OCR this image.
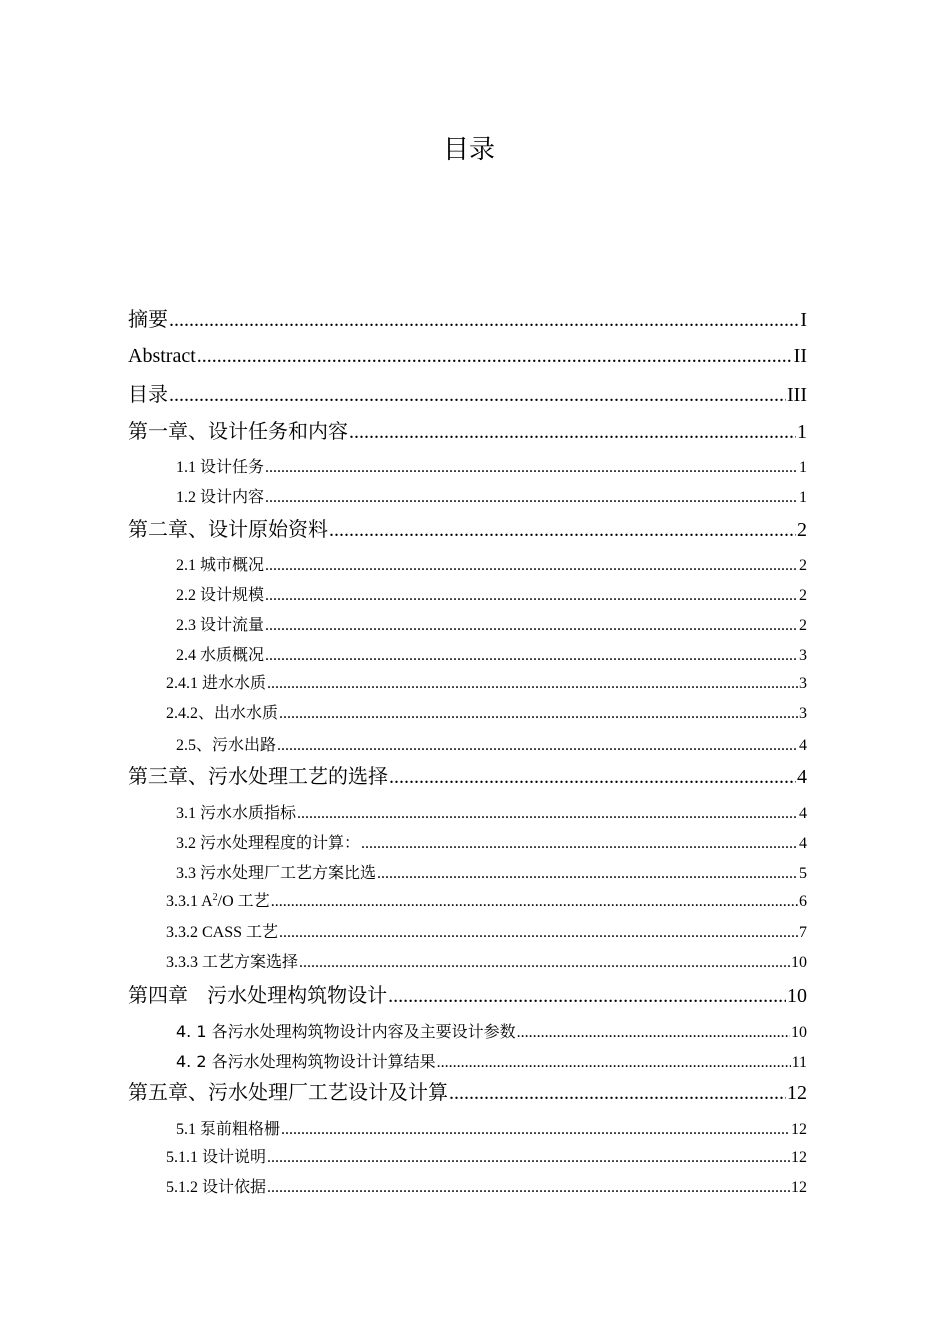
目录
摘要 .....	I
Abstract .....	II
目录 .....	III
第一章、设计任务和内容 .....	1
1.1 设计任务 .....	1
1.2 设计内容 .....	1
第二章、设计原始资料 .....	2
2.1 城市概况 .....	2
2.2 设计规模 .....	2
2.3 设计流量 .....	2
2.4 水质概况 .....	3
2.4.1 进水水质 .....	3
2.4.2、出水水质 .....	3
2.5、污水出路 .....	4
第三章、污水处理工艺的选择 .....	4
3.1 污水水质指标 .....	4
3.2 污水处理程度的计算： .....	4
3.3 污水处理厂工艺方案比选 .....	5
3.3.1 $A^2/O$ 工艺 .....	6
3.3.2 CASS 工艺 .....	7
3.3.3 工艺方案选择 .....	10
第四章   污水处理构筑物设计 .....	10
4. 1 各污水处理构筑物设计内容及主要设计参数 .....	10
4. 2 各污水处理构筑物设计计算结果 .....	11
第五章、污水处理厂工艺设计及计算 .....	12
5.1 泵前粗格栅 .....	12
5.1.1 设计说明 .....	12
5.1.2 设计依据 .....	12
